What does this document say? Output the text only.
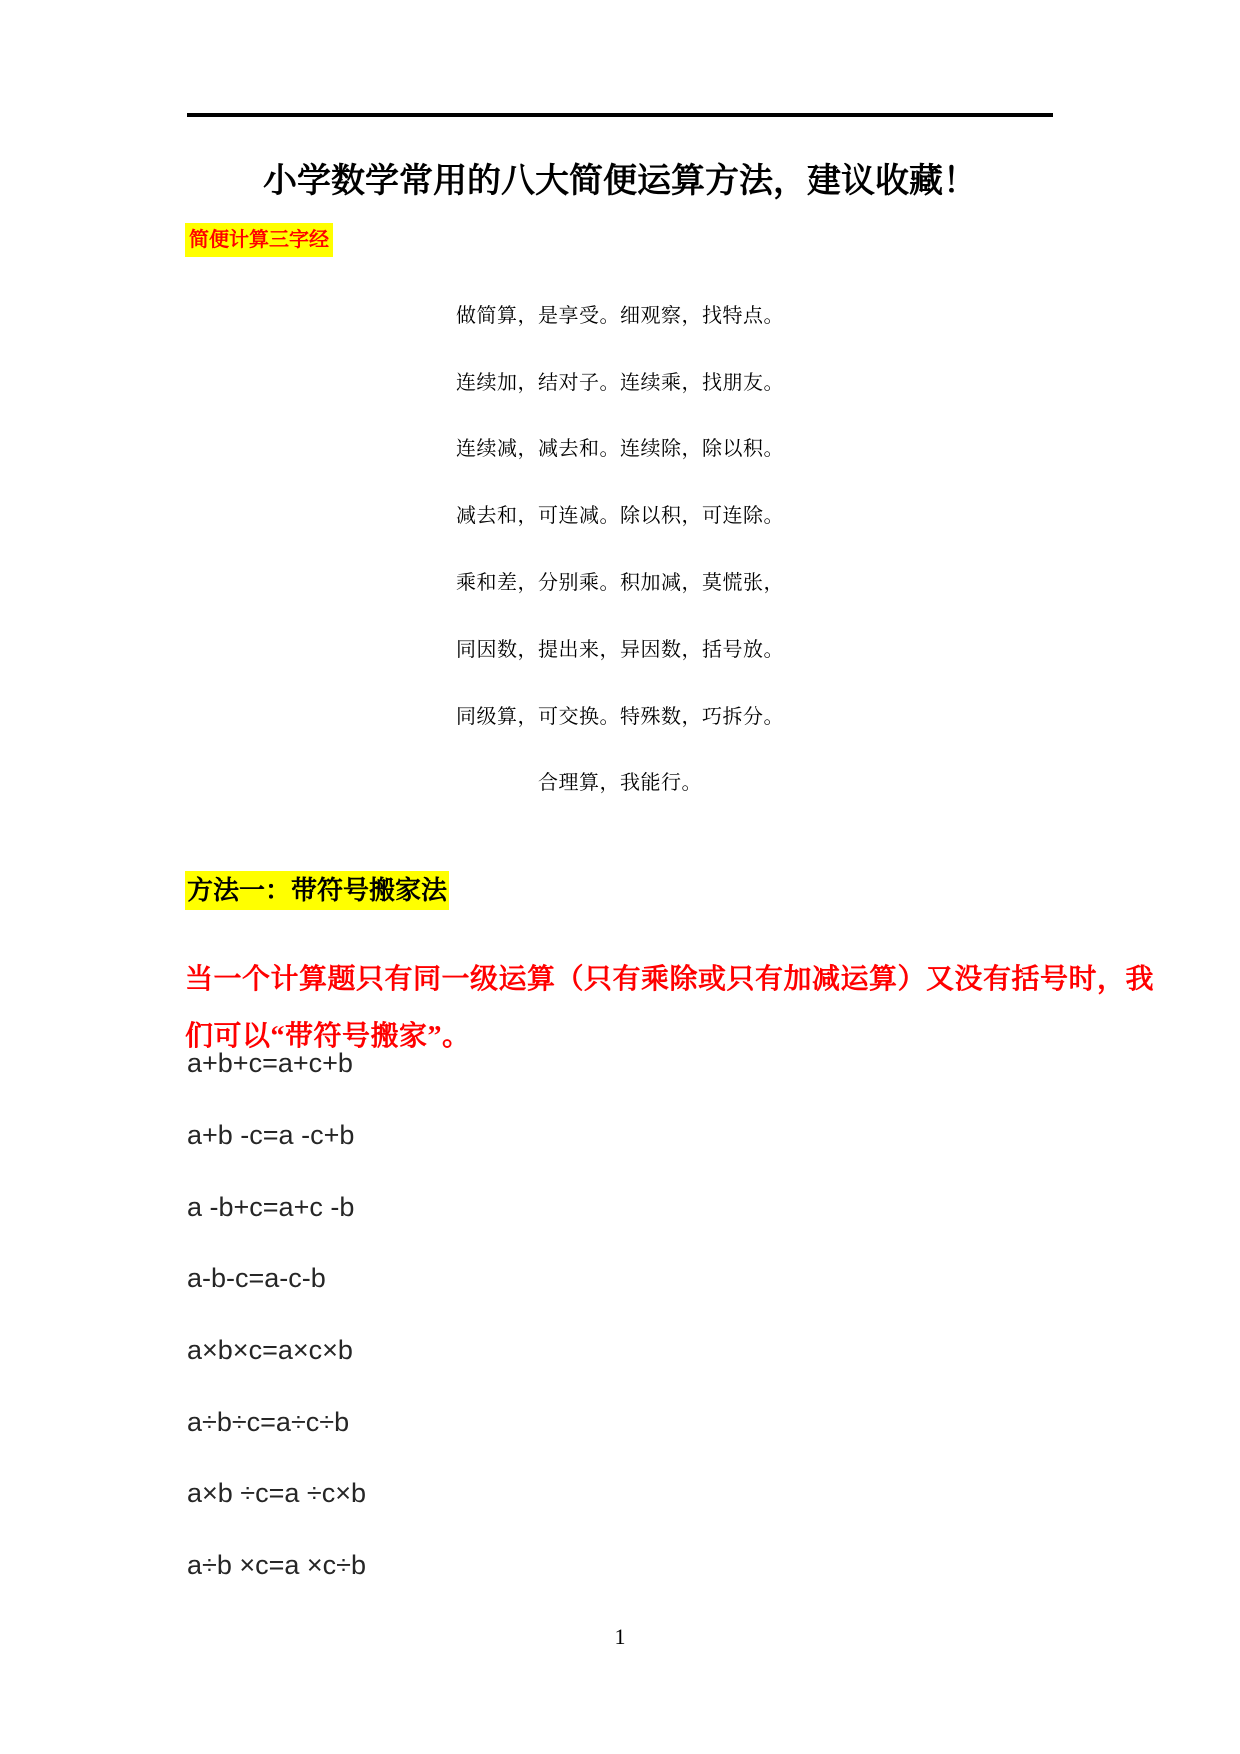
小学数学常用的八大简便运算方法，建议收藏！
简便计算三字经
做简算，是享受。细观察，找特点。
连续加，结对子。连续乘，找朋友。
连续减，减去和。连续除，除以积。
减去和，可连减。除以积，可连除。
乘和差，分别乘。积加减，莫慌张，
同因数，提出来，异因数，括号放。
同级算，可交换。特殊数，巧拆分。
合理算，我能行。
方法一：带符号搬家法
当一个计算题只有同一级运算（只有乘除或只有加减运算）又没有括号时，我
们可以“带符号搬家”。
a+b+c=a+c+b
a+b -c=a -c+b
a -b+c=a+c -b
a-b-c=a-c-b
a×b×c=a×c×b
a÷b÷c=a÷c÷b
a×b ÷c=a ÷c×b
a÷b ×c=a ×c÷b
1
